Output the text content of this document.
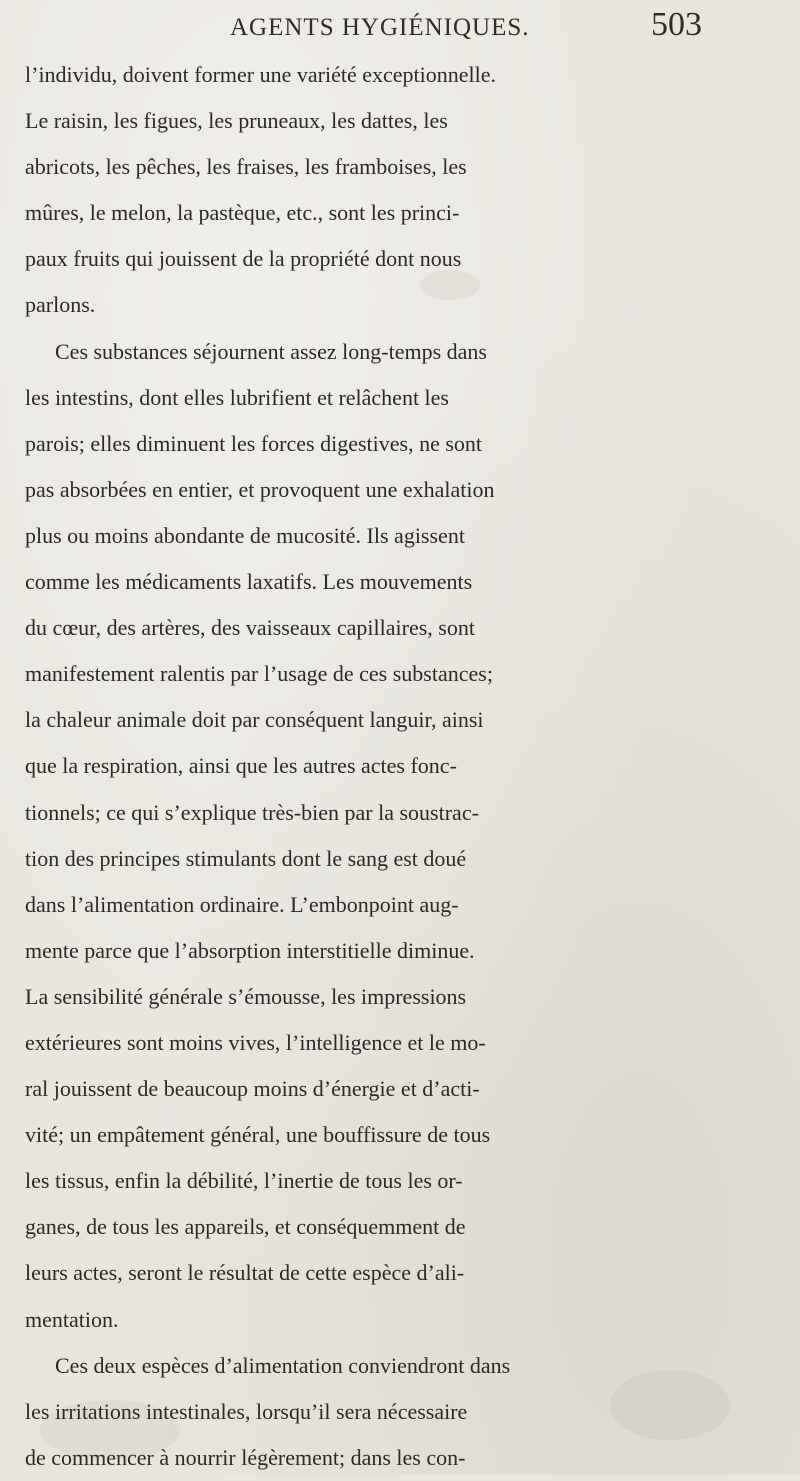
AGENTS HYGIÉNIQUES.	503
l’individu, doivent former une variété exceptionnelle.
Le raisin, les figues, les pruneaux, les dattes, les
abricots, les pêches, les fraises, les framboises, les
mûres, le melon, la pastèque, etc., sont les princi-
paux fruits qui jouissent de la propriété dont nous
parlons.
Ces substances séjournent assez long-temps dans
les intestins, dont elles lubrifient et relâchent les
parois; elles diminuent les forces digestives, ne sont
pas absorbées en entier, et provoquent une exhalation
plus ou moins abondante de mucosité. Ils agissent
comme les médicaments laxatifs. Les mouvements
du cœur, des artères, des vaisseaux capillaires, sont
manifestement ralentis par l’usage de ces substances;
la chaleur animale doit par conséquent languir, ainsi
que la respiration, ainsi que les autres actes fonc-
tionnels; ce qui s’explique très-bien par la soustrac-
tion des principes stimulants dont le sang est doué
dans l’alimentation ordinaire. L’embonpoint aug-
mente parce que l’absorption interstitielle diminue.
La sensibilité générale s’émousse, les impressions
extérieures sont moins vives, l’intelligence et le mo-
ral jouissent de beaucoup moins d’énergie et d’acti-
vité; un empâtement général, une bouffissure de tous
les tissus, enfin la débilité, l’inertie de tous les or-
ganes, de tous les appareils, et conséquemment de
leurs actes, seront le résultat de cette espèce d’ali-
mentation.
Ces deux espèces d’alimentation conviendront dans
les irritations intestinales, lorsqu’il sera nécessaire
de commencer à nourrir légèrement; dans les con-
